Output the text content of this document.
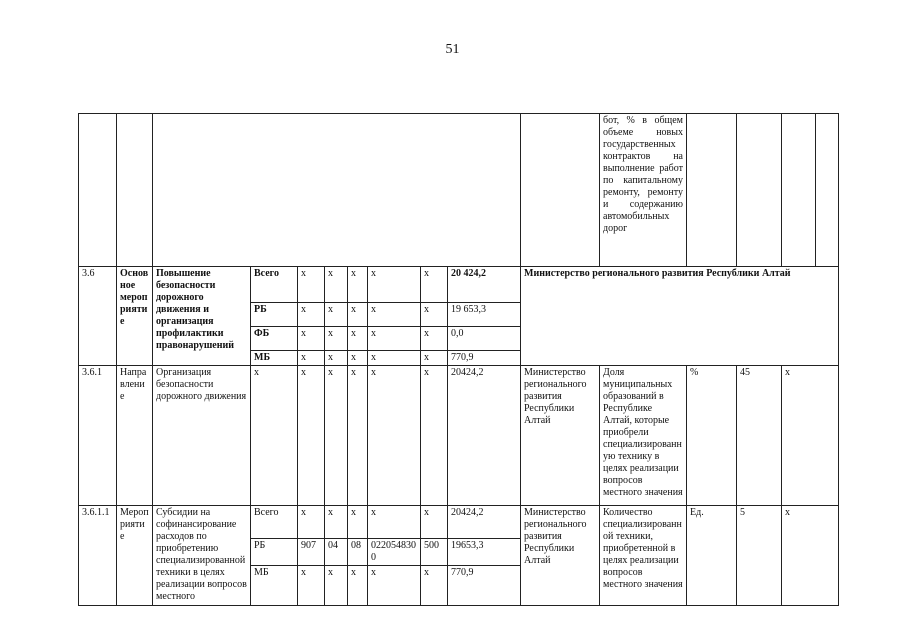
51
											бот, % в общем объеме новых государственных контрактов на выполнение работ по капитальному ремонту, ремонту и содержанию автомобильных дорог				
3.6	Основное мероприятие	Повышение безопасности дорожного движения и организация профилактики правонарушений	Всего	х	х	х	х	х	20 424,2	Министерство регионального развития Республики Алтай					
			РБ	х	х	х	х	х	19 653,3						
			ФБ	х	х	х	х	х	0,0						
			МБ	х	х	х	х	х	770,9						
3.6.1	Направление	Организация безопасности дорожного движения	х	х	х	х	х	х	20424,2	Министерство регионального развития Республики Алтай	Доля муниципальных образований в Республике Алтай, которые приобрели специализированную технику в целях реализации вопросов местного значения	%	45	х	
3.6.1.1	Мероприятие	Субсидии на софинансирование расходов по приобретению специализированной техники в целях реализации вопросов местного	Всего	х	х	х	х	х	20424,2	Министерство регионального развития Республики Алтай	Количество специализированной техники, приобретенной в целях реализации вопросов местного значения	Ед.	5	х	
			РБ	907	04	08	0220548300	500	19653,3						
			МБ	х	х	х	х	х	770,9						
